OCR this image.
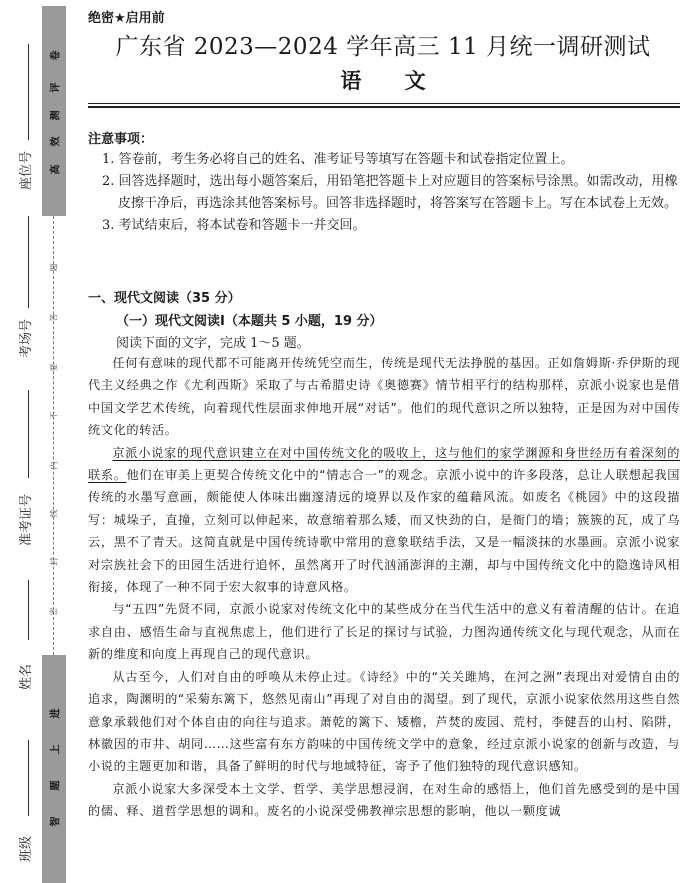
卷
评
测
效
高
题
答
要
不
内
线
封
密
进
上
题
智
座位号
考场号
准考证号
姓名
班级
绝密★启用前
广东省 2023—2024 学年高三 11 月统一调研测试
语 文
注意事项：

1. 答卷前，考生务必将自己的姓名、准考证号等填写在答题卡和试卷指定位置上。

2. 回答选择题时，选出每小题答案后，用铅笔把答题卡上对应题目的答案标号涂黑。如需改动，用橡皮擦干净后，再选涂其他答案标号。回答非选择题时，将答案写在答题卡上。写在本试卷上无效。

3. 考试结束后，将本试卷和答题卡一并交回。

一、现代文阅读（35 分）
（一）现代文阅读Ⅰ（本题共 5 小题，19 分）
阅读下面的文字，完成 1～5 题。

任何有意味的现代都不可能离开传统凭空而生，传统是现代无法挣脱的基因。正如詹姆斯·乔伊斯的现代主义经典之作《尤利西斯》采取了与古希腊史诗《奥德赛》情节相平行的结构那样，京派小说家也是借中国文学艺术传统，向着现代性层面求伸地开展“对话”。他们的现代意识之所以独特，正是因为对中国传统文化的转活。

京派小说家的现代意识建立在对中国传统文化的吸收上，这与他们的家学渊源和身世经历有着深刻的联系。他们在审美上更契合传统文化中的“情志合一”的观念。京派小说中的许多段落，总让人联想起我国传统的水墨写意画，颇能使人体味出幽邃清远的境界以及作家的蕴藉风流。如废名《桃园》中的这段描写：城垛子，直撞，立刻可以伸起来，故意缩着那么矮，而又快劲的白，是衙门的墙；簇簇的瓦，成了乌云，黑不了青天。这简直就是中国传统诗歌中常用的意象联结手法，又是一幅淡抹的水墨画。京派小说家对宗族社会下的田园生活进行追怀，虽然离开了时代汹涌澎湃的主潮，却与中国传统文化中的隐逸诗风相衔接，体现了一种不同于宏大叙事的诗意风格。

与“五四”先贤不同，京派小说家对传统文化中的某些成分在当代生活中的意义有着清醒的估计。在追求自由、感悟生命与直视焦虑上，他们进行了长足的探讨与试验，力图沟通传统文化与现代观念，从而在新的维度和向度上再现自己的现代意识。

从古至今，人们对自由的呼唤从未停止过。《诗经》中的“关关雎鸠，在河之洲”表现出对爱情自由的追求，陶渊明的“采菊东篱下，悠然见南山”再现了对自由的渴望。到了现代，京派小说家依然用这些自然意象承载他们对个体自由的向往与追求。萧乾的篱下、矮檐，芦焚的废园、荒村，李健吾的山村、陷阱，林徽因的市井、胡同……这些富有东方韵味的中国传统文学中的意象，经过京派小说家的创新与改造，与小说的主题更加和谐，具备了鲜明的时代与地域特征，寄予了他们独特的现代意识感知。

京派小说家大多深受本土文学、哲学、美学思想浸润，在对生命的感悟上，他们首先感受到的是中国的儒、释、道哲学思想的调和。废名的小说深受佛教禅宗思想的影响，他以一颗度诚
